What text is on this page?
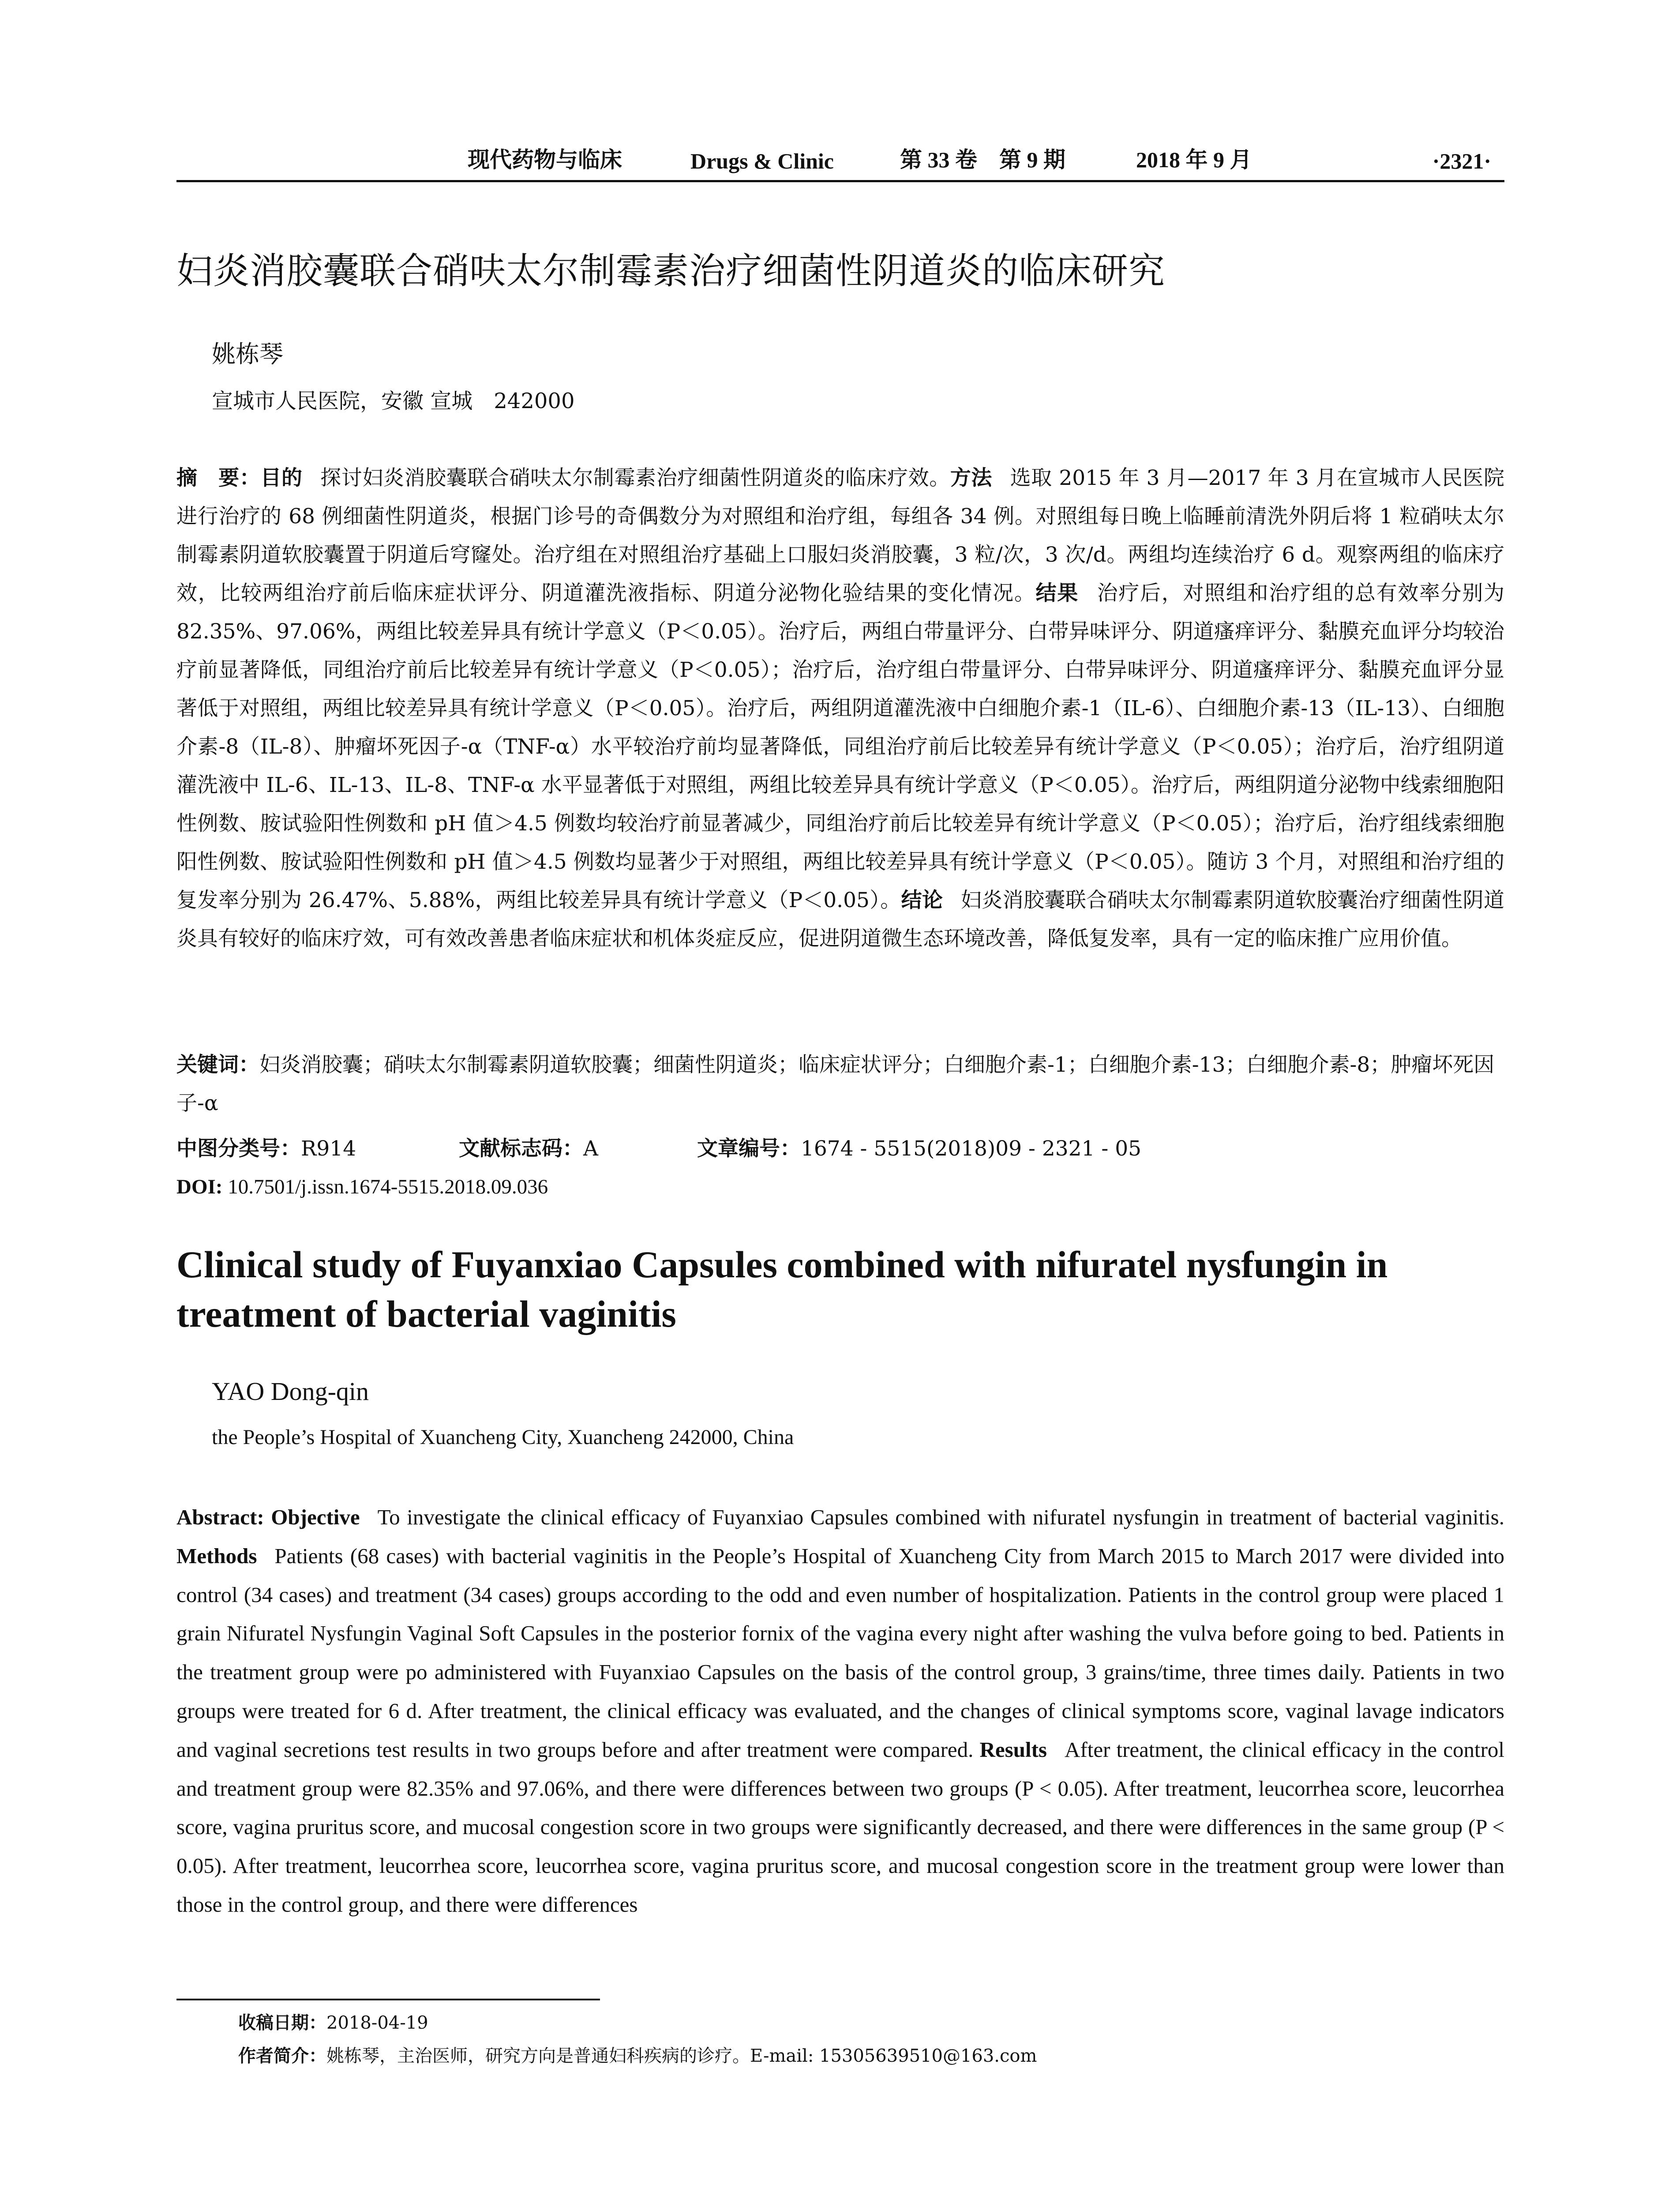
现代药物与临床	Drugs & Clinic	第 33 卷　第 9 期	2018 年 9 月	·2321·
妇炎消胶囊联合硝呋太尔制霉素治疗细菌性阴道炎的临床研究
姚栋琴
宣城市人民医院，安徽 宣城　242000
摘　要：目的 探讨妇炎消胶囊联合硝呋太尔制霉素治疗细菌性阴道炎的临床疗效。方法 选取 2015 年 3 月—2017 年 3 月在宣城市人民医院进行治疗的 68 例细菌性阴道炎，根据门诊号的奇偶数分为对照组和治疗组，每组各 34 例。对照组每日晚上临睡前清洗外阴后将 1 粒硝呋太尔制霉素阴道软胶囊置于阴道后穹窿处。治疗组在对照组治疗基础上口服妇炎消胶囊，3 粒/次，3 次/d。两组均连续治疗 6 d。观察两组的临床疗效，比较两组治疗前后临床症状评分、阴道灌洗液指标、阴道分泌物化验结果的变化情况。结果 治疗后，对照组和治疗组的总有效率分别为 82.35%、97.06%，两组比较差异具有统计学意义（P＜0.05）。治疗后，两组白带量评分、白带异味评分、阴道瘙痒评分、黏膜充血评分均较治疗前显著降低，同组治疗前后比较差异有统计学意义（P＜0.05）；治疗后，治疗组白带量评分、白带异味评分、阴道瘙痒评分、黏膜充血评分显著低于对照组，两组比较差异具有统计学意义（P＜0.05）。治疗后，两组阴道灌洗液中白细胞介素-1（IL-6）、白细胞介素-13（IL-13）、白细胞介素-8（IL-8）、肿瘤坏死因子-α（TNF-α）水平较治疗前均显著降低，同组治疗前后比较差异有统计学意义（P＜0.05）；治疗后，治疗组阴道灌洗液中 IL-6、IL-13、IL-8、TNF-α 水平显著低于对照组，两组比较差异具有统计学意义（P＜0.05）。治疗后，两组阴道分泌物中线索细胞阳性例数、胺试验阳性例数和 pH 值＞4.5 例数均较治疗前显著减少，同组治疗前后比较差异有统计学意义（P＜0.05）；治疗后，治疗组线索细胞阳性例数、胺试验阳性例数和 pH 值＞4.5 例数均显著少于对照组，两组比较差异具有统计学意义（P＜0.05）。随访 3 个月，对照组和治疗组的复发率分别为 26.47%、5.88%，两组比较差异具有统计学意义（P＜0.05）。结论 妇炎消胶囊联合硝呋太尔制霉素阴道软胶囊治疗细菌性阴道炎具有较好的临床疗效，可有效改善患者临床症状和机体炎症反应，促进阴道微生态环境改善，降低复发率，具有一定的临床推广应用价值。
关键词：妇炎消胶囊；硝呋太尔制霉素阴道软胶囊；细菌性阴道炎；临床症状评分；白细胞介素-1；白细胞介素-13；白细胞介素-8；肿瘤坏死因子-α
中图分类号：R914	文献标志码：A	文章编号：1674 - 5515(2018)09 - 2321 - 05
DOI: 10.7501/j.issn.1674-5515.2018.09.036
Clinical study of Fuyanxiao Capsules combined with nifuratel nysfungin in treatment of bacterial vaginitis
YAO Dong-qin
the People’s Hospital of Xuancheng City, Xuancheng 242000, China
Abstract: Objective To investigate the clinical efficacy of Fuyanxiao Capsules combined with nifuratel nysfungin in treatment of bacterial vaginitis. Methods Patients (68 cases) with bacterial vaginitis in the People’s Hospital of Xuancheng City from March 2015 to March 2017 were divided into control (34 cases) and treatment (34 cases) groups according to the odd and even number of hospitalization. Patients in the control group were placed 1 grain Nifuratel Nysfungin Vaginal Soft Capsules in the posterior fornix of the vagina every night after washing the vulva before going to bed. Patients in the treatment group were po administered with Fuyanxiao Capsules on the basis of the control group, 3 grains/time, three times daily. Patients in two groups were treated for 6 d. After treatment, the clinical efficacy was evaluated, and the changes of clinical symptoms score, vaginal lavage indicators and vaginal secretions test results in two groups before and after treatment were compared. Results After treatment, the clinical efficacy in the control and treatment group were 82.35% and 97.06%, and there were differences between two groups (P < 0.05). After treatment, leucorrhea score, leucorrhea score, vagina pruritus score, and mucosal congestion score in two groups were significantly decreased, and there were differences in the same group (P < 0.05). After treatment, leucorrhea score, leucorrhea score, vagina pruritus score, and mucosal congestion score in the treatment group were lower than those in the control group, and there were differences
收稿日期：2018-04-19
作者简介：姚栋琴，主治医师，研究方向是普通妇科疾病的诊疗。E-mail: 15305639510@163.com
